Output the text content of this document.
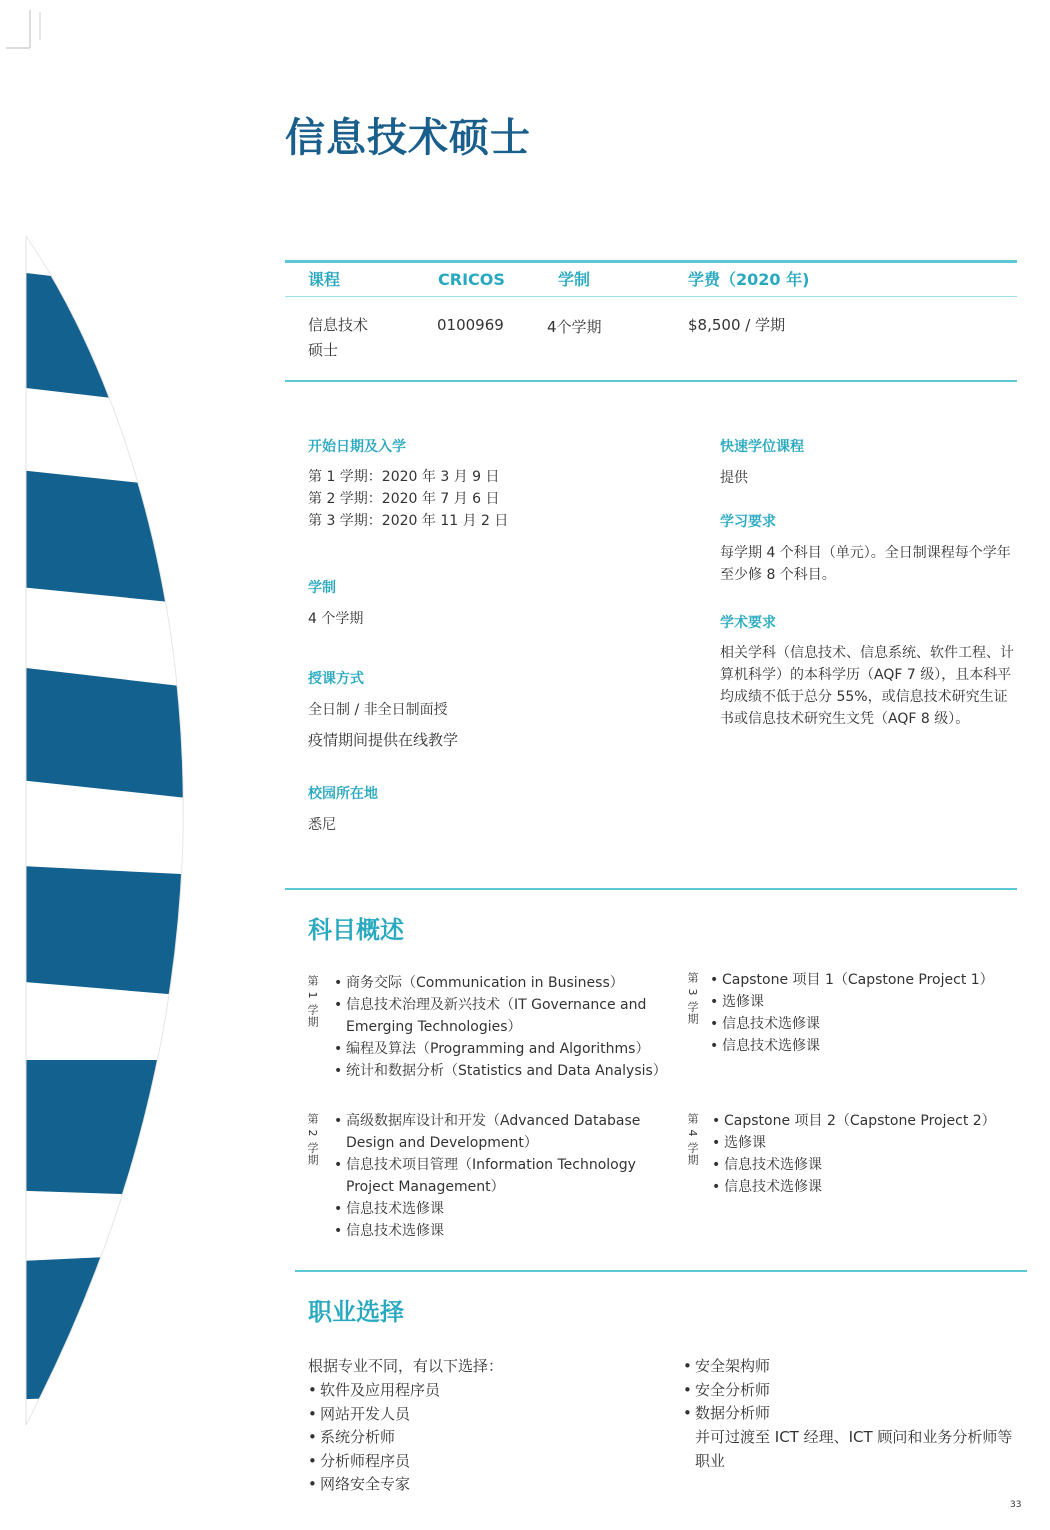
信息技术硕士
课程	CRICOS	学制	学费（2020 年)
信息技术
硕士
0100969	4个学期	$8,500 / 学期
开始日期及入学
第 1 学期：2020 年 3 月 9 日
第 2 学期：2020 年 7 月 6 日
第 3 学期：2020 年 11 月 2 日
学制
4 个学期
授课方式
全日制 / 非全日制面授
疫情期间提供在线教学
校园所在地
悉尼
快速学位课程
提供
学习要求
每学期 4 个科目（单元）。全日制课程每个学年
至少修 8 个科目。
学术要求
相关学科（信息技术、信息系统、软件工程、计
算机科学）的本科学历（AQF 7 级），且本科平
均成绩不低于总分 55%，或信息技术研究生证
书或信息技术研究生文凭（AQF 8 级）。
科目概述
第 1 学期	• 商务交际（Communication in Business）
• 信息技术治理及新兴技术（IT Governance and
Emerging Technologies）
• 编程及算法（Programming and Algorithms）
• 统计和数据分析（Statistics and Data Analysis）
第 3 学期	• Capstone 项目 1（Capstone Project 1）
• 选修课
• 信息技术选修课
• 信息技术选修课
第 2 学期	• 高级数据库设计和开发（Advanced Database
Design and Development）
• 信息技术项目管理（Information Technology
Project Management）
• 信息技术选修课
• 信息技术选修课
第 4 学期	• Capstone 项目 2（Capstone Project 2）
• 选修课
• 信息技术选修课
• 信息技术选修课
职业选择
根据专业不同，有以下选择：
• 软件及应用程序员
• 网站开发人员
• 系统分析师
• 分析师程序员
• 网络安全专家
• 安全架构师
• 安全分析师
• 数据分析师
并可过渡至 ICT 经理、ICT 顾问和业务分析师等
职业
33
